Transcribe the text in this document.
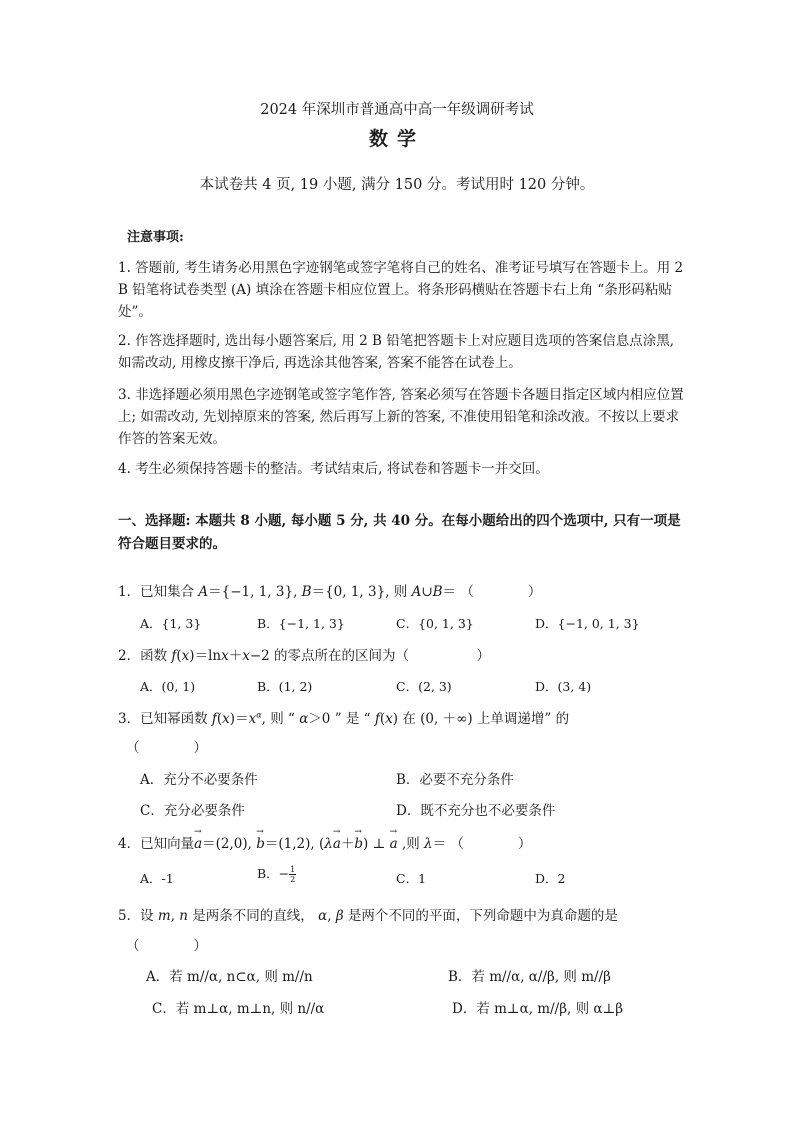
2024 年深圳市普通高中高一年级调研考试
数学
本试卷共 4 页, 19 小题, 满分 150 分。考试用时 120 分钟。
注意事项:
1. 答题前, 考生请务必用黑色字迹钢笔或签字笔将自己的姓名、准考证号填写在答题卡上。用 2 B 铅笔将试卷类型 (A) 填涂在答题卡相应位置上。将条形码横贴在答题卡右上角 “条形码粘贴处”。
2. 作答选择题时, 选出每小题答案后, 用 2 B 铅笔把答题卡上对应题目选项的答案信息点涂黑, 如需改动, 用橡皮擦干净后, 再选涂其他答案, 答案不能答在试卷上。
3. 非选择题必须用黑色字迹钢笔或签字笔作答, 答案必须写在答题卡各题目指定区域内相应位置上; 如需改动, 先划掉原来的答案, 然后再写上新的答案, 不准使用铅笔和涂改液。不按以上要求作答的答案无效。
4. 考生必须保持答题卡的整洁。考试结束后, 将试卷和答题卡一并交回。
一、选择题: 本题共 8 小题, 每小题 5 分, 共 40 分。在每小题给出的四个选项中, 只有一项是符合题目要求的。
1．已知集合 A＝{−1, 1, 3}, B＝{0, 1, 3}, 则 A∪B＝ （　　　　）
A．{1, 3}	B．{−1, 1, 3}	C．{0, 1, 3}	D．{−1, 0, 1, 3}
2．函数 f(x)＝lnx＋x−2 的零点所在的区间为（　　　　　）
A．(0, 1)	B．(1, 2)	C．(2, 3)	D．(3, 4)
3．已知幂函数 $f(x)=x^\alpha$, 则 “ α＞0 ” 是 “ f(x) 在 (0, ＋∞) 上单调递增” 的
（　　　　）
A．充分不必要条件	B．必要不充分条件
C．充分必要条件	D．既不充分也不必要条件
4．已知向量→ a＝(2,0), → b＝(1,2), (λ→ a＋→ b) ⊥ → a ,则 λ＝ （　　　　）
A．-1	B．− $\frac{1}{2}$	C．1	D．2
5．设 m, n 是两条不同的直线， α, β 是两个不同的平面，下列命题中为真命题的是
（　　　　）
A．若 m//α, n⊂α, 则 m//n	B．若 m//α, α//β, 则 m//β
C．若 m⊥α, m⊥n, 则 n//α	D．若 m⊥α, m//β, 则 α⊥β
